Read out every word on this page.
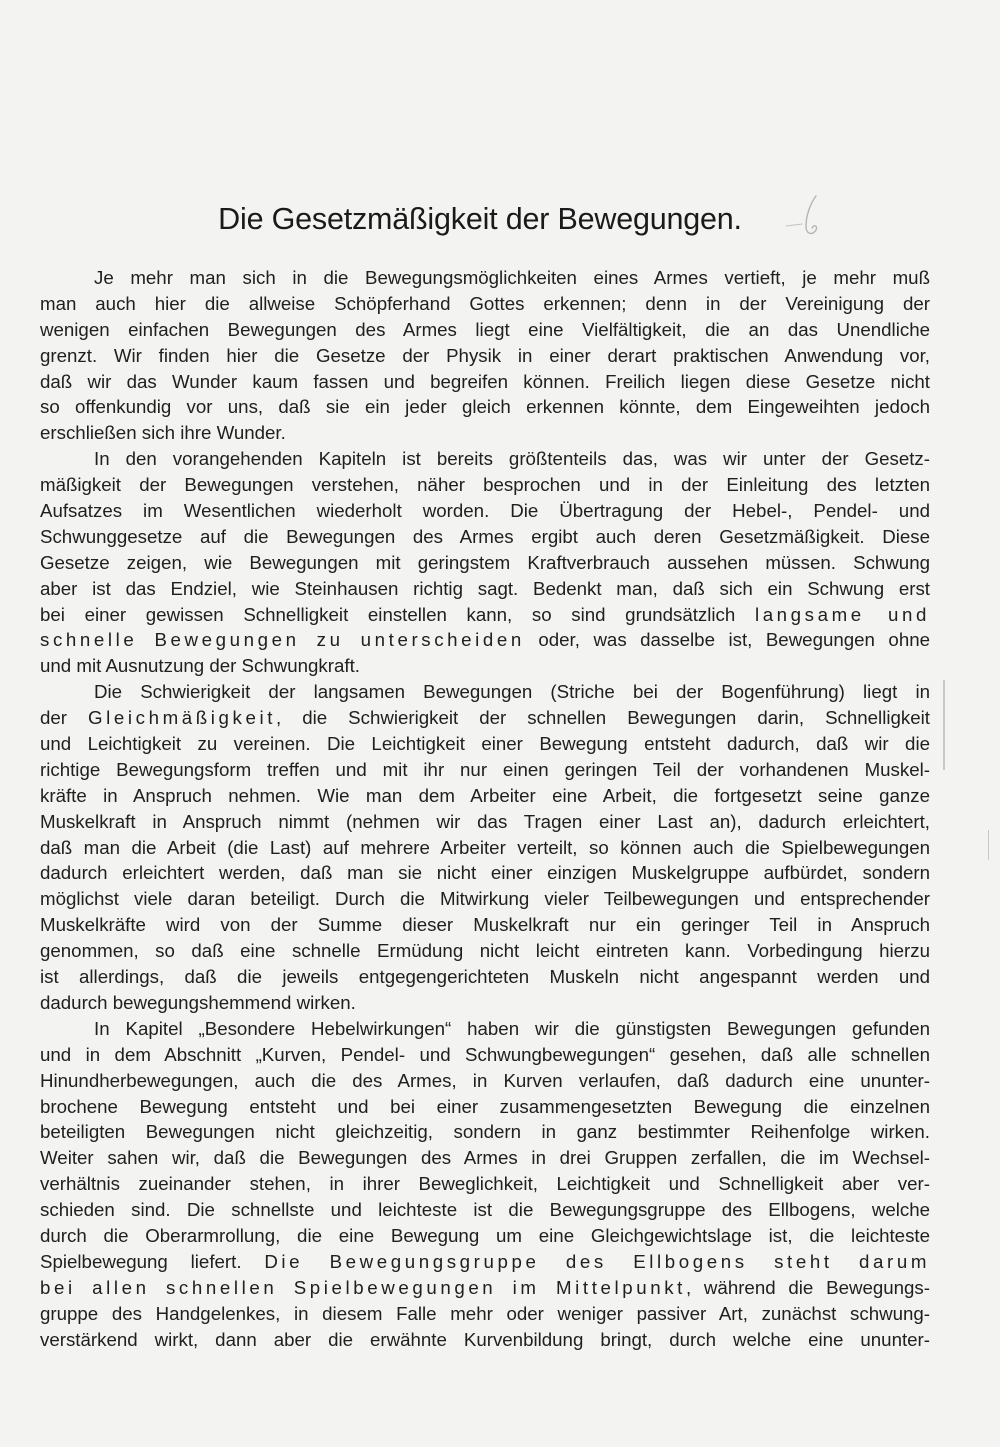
Die Gesetzmäßigkeit der Bewegungen.
Je mehr man sich in die Bewegungsmöglichkeiten eines Armes vertieft, je mehr muß
man auch hier die allweise Schöpferhand Gottes erkennen; denn in der Vereinigung der
wenigen einfachen Bewegungen des Armes liegt eine Vielfältigkeit, die an das Unendliche
grenzt. Wir finden hier die Gesetze der Physik in einer derart praktischen Anwendung vor,
daß wir das Wunder kaum fassen und begreifen können. Freilich liegen diese Gesetze nicht
so offenkundig vor uns, daß sie ein jeder gleich erkennen könnte, dem Eingeweihten jedoch
erschließen sich ihre Wunder.
In den vorangehenden Kapiteln ist bereits größtenteils das, was wir unter der Gesetz-
mäßigkeit der Bewegungen verstehen, näher besprochen und in der Einleitung des letzten
Aufsatzes im Wesentlichen wiederholt worden. Die Übertragung der Hebel-, Pendel- und
Schwunggesetze auf die Bewegungen des Armes ergibt auch deren Gesetzmäßigkeit. Diese
Gesetze zeigen, wie Bewegungen mit geringstem Kraftverbrauch aussehen müssen. Schwung
aber ist das Endziel, wie Steinhausen richtig sagt. Bedenkt man, daß sich ein Schwung erst
bei einer gewissen Schnelligkeit einstellen kann, so sind grundsätzlich langsame und
schnelle Bewegungen zu unterscheiden oder, was dasselbe ist, Bewegungen ohne
und mit Ausnutzung der Schwungkraft.
Die Schwierigkeit der langsamen Bewegungen (Striche bei der Bogenführung) liegt in
der Gleichmäßigkeit, die Schwierigkeit der schnellen Bewegungen darin, Schnelligkeit
und Leichtigkeit zu vereinen. Die Leichtigkeit einer Bewegung entsteht dadurch, daß wir die
richtige Bewegungsform treffen und mit ihr nur einen geringen Teil der vorhandenen Muskel-
kräfte in Anspruch nehmen. Wie man dem Arbeiter eine Arbeit, die fortgesetzt seine ganze
Muskelkraft in Anspruch nimmt (nehmen wir das Tragen einer Last an), dadurch erleichtert,
daß man die Arbeit (die Last) auf mehrere Arbeiter verteilt, so können auch die Spielbewegungen
dadurch erleichtert werden, daß man sie nicht einer einzigen Muskelgruppe aufbürdet, sondern
möglichst viele daran beteiligt. Durch die Mitwirkung vieler Teilbewegungen und entsprechender
Muskelkräfte wird von der Summe dieser Muskelkraft nur ein geringer Teil in Anspruch
genommen, so daß eine schnelle Ermüdung nicht leicht eintreten kann. Vorbedingung hierzu
ist allerdings, daß die jeweils entgegengerichteten Muskeln nicht angespannt werden und
dadurch bewegungshemmend wirken.
In Kapitel „Besondere Hebelwirkungen“ haben wir die günstigsten Bewegungen gefunden
und in dem Abschnitt „Kurven, Pendel- und Schwungbewegungen“ gesehen, daß alle schnellen
Hinundherbewegungen, auch die des Armes, in Kurven verlaufen, daß dadurch eine ununter-
brochene Bewegung entsteht und bei einer zusammengesetzten Bewegung die einzelnen
beteiligten Bewegungen nicht gleichzeitig, sondern in ganz bestimmter Reihenfolge wirken.
Weiter sahen wir, daß die Bewegungen des Armes in drei Gruppen zerfallen, die im Wechsel-
verhältnis zueinander stehen, in ihrer Beweglichkeit, Leichtigkeit und Schnelligkeit aber ver-
schieden sind. Die schnellste und leichteste ist die Bewegungsgruppe des Ellbogens, welche
durch die Oberarmrollung, die eine Bewegung um eine Gleichgewichtslage ist, die leichteste
Spielbewegung liefert. Die Bewegungsgruppe des Ellbogens steht darum
bei allen schnellen Spielbewegungen im Mittelpunkt, während die Bewegungs-
gruppe des Handgelenkes, in diesem Falle mehr oder weniger passiver Art, zunächst schwung-
verstärkend wirkt, dann aber die erwähnte Kurvenbildung bringt, durch welche eine ununter-
